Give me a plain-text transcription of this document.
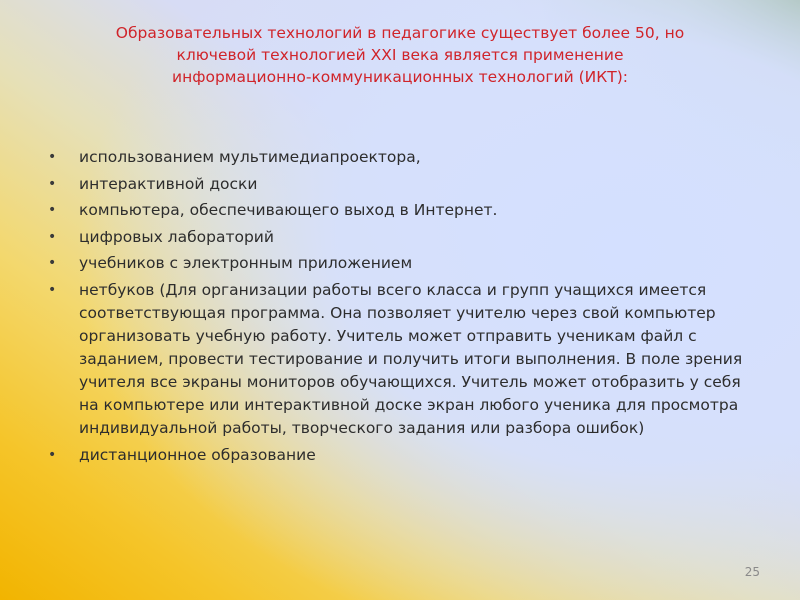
Образовательных технологий в педагогике существует более 50, но ключевой технологией XXI века является применение информационно-коммуникационных технологий (ИКТ):
• использованием мультимедиапроектора,
• интерактивной доски
• компьютера, обеспечивающего выход в Интернет.
• цифровых лабораторий
• учебников с электронным приложением
• нетбуков (Для организации работы всего класса и групп учащихся имеется соответствующая программа. Она позволяет учителю через свой компьютер организовать учебную работу. Учитель может отправить ученикам файл с заданием, провести тестирование и получить итоги выполнения. В поле зрения учителя все экраны мониторов обучающихся. Учитель может отобразить у себя на компьютере или интерактивной доске экран любого ученика для просмотра индивидуальной работы, творческого задания или разбора ошибок)
• дистанционное образование
25
